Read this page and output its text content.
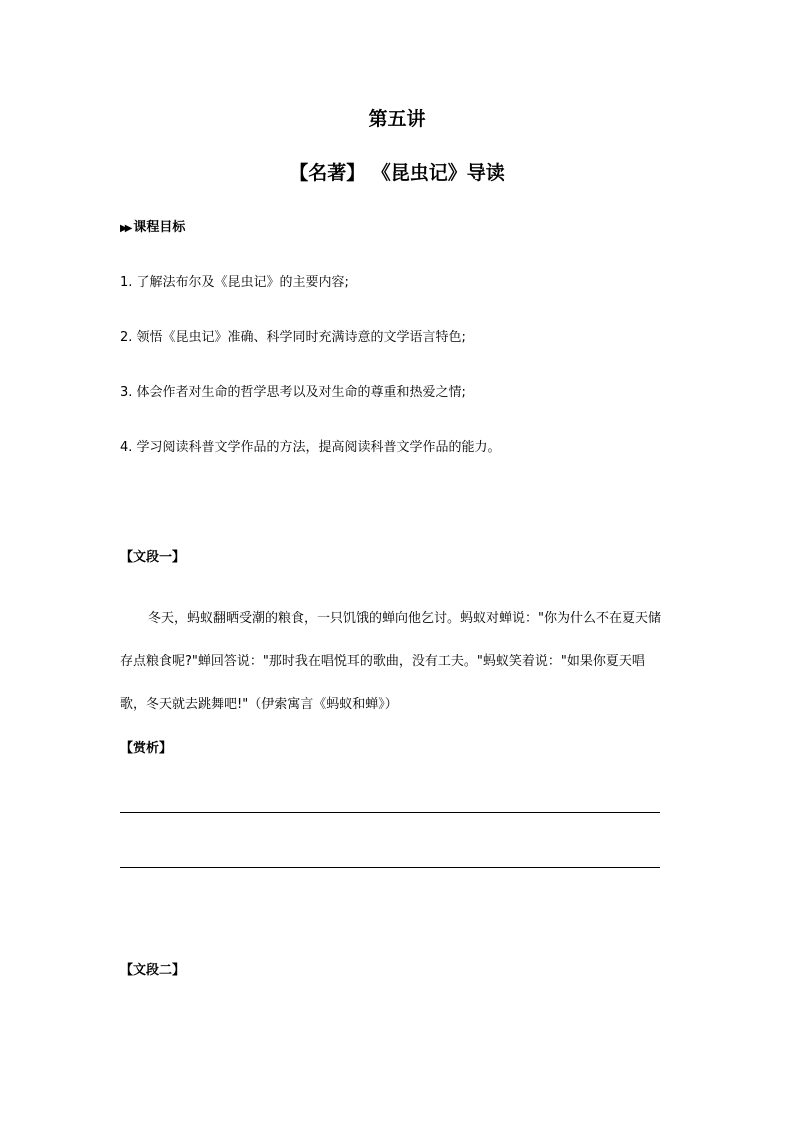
第五讲
【名著】 《昆虫记》导读
▶▶ 课程目标
1. 了解法布尔及《昆虫记》的主要内容;
2. 领悟《昆虫记》准确、科学同时充满诗意的文学语言特色;
3. 体会作者对生命的哲学思考以及对生命的尊重和热爱之情;
4. 学习阅读科普文学作品的方法，提高阅读科普文学作品的能力。
【文段一】

冬天，蚂蚁翻晒受潮的粮食，一只饥饿的蝉向他乞讨。蚂蚁对蝉说："你为什么不在夏天储存点粮食呢?"蝉回答说："那时我在唱悦耳的歌曲，没有工夫。"蚂蚁笑着说："如果你夏天唱歌，冬天就去跳舞吧!"（伊索寓言《蚂蚁和蝉》）

【赏析】
【文段二】
